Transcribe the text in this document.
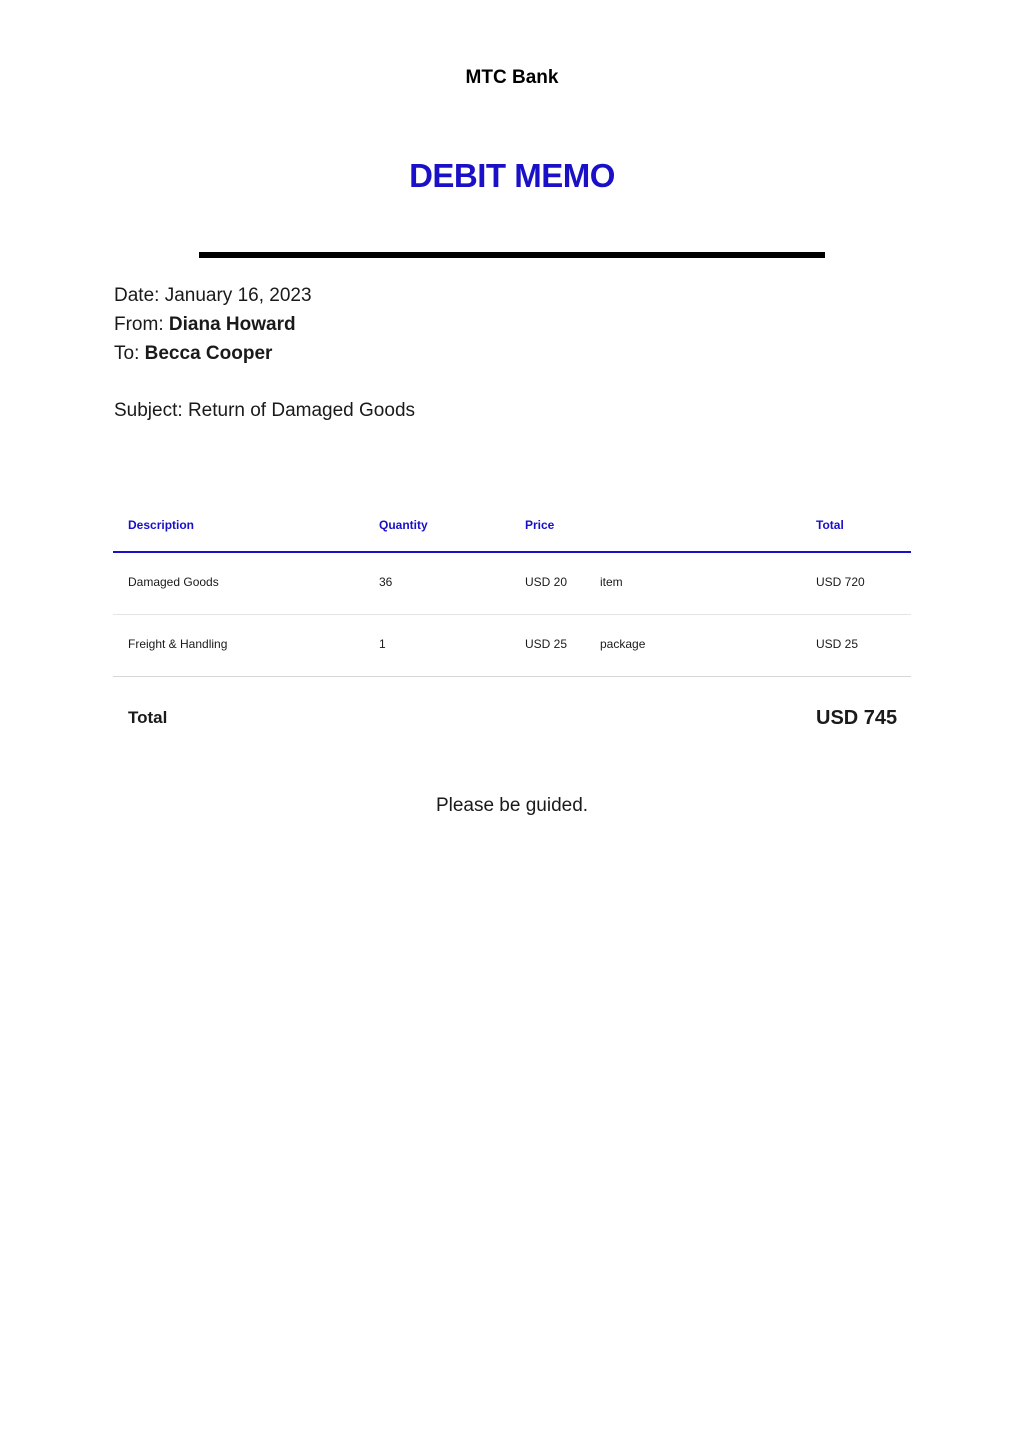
MTC Bank
DEBIT MEMO
Date: January 16, 2023
From: Diana Howard
To: Becca Cooper
Subject: Return of Damaged Goods
Description	Quantity	Price	Total
Damaged Goods	36	USD 20	item	USD 720
Freight & Handling	1	USD 25	package	USD 25
Total	USD 745
Please be guided.
